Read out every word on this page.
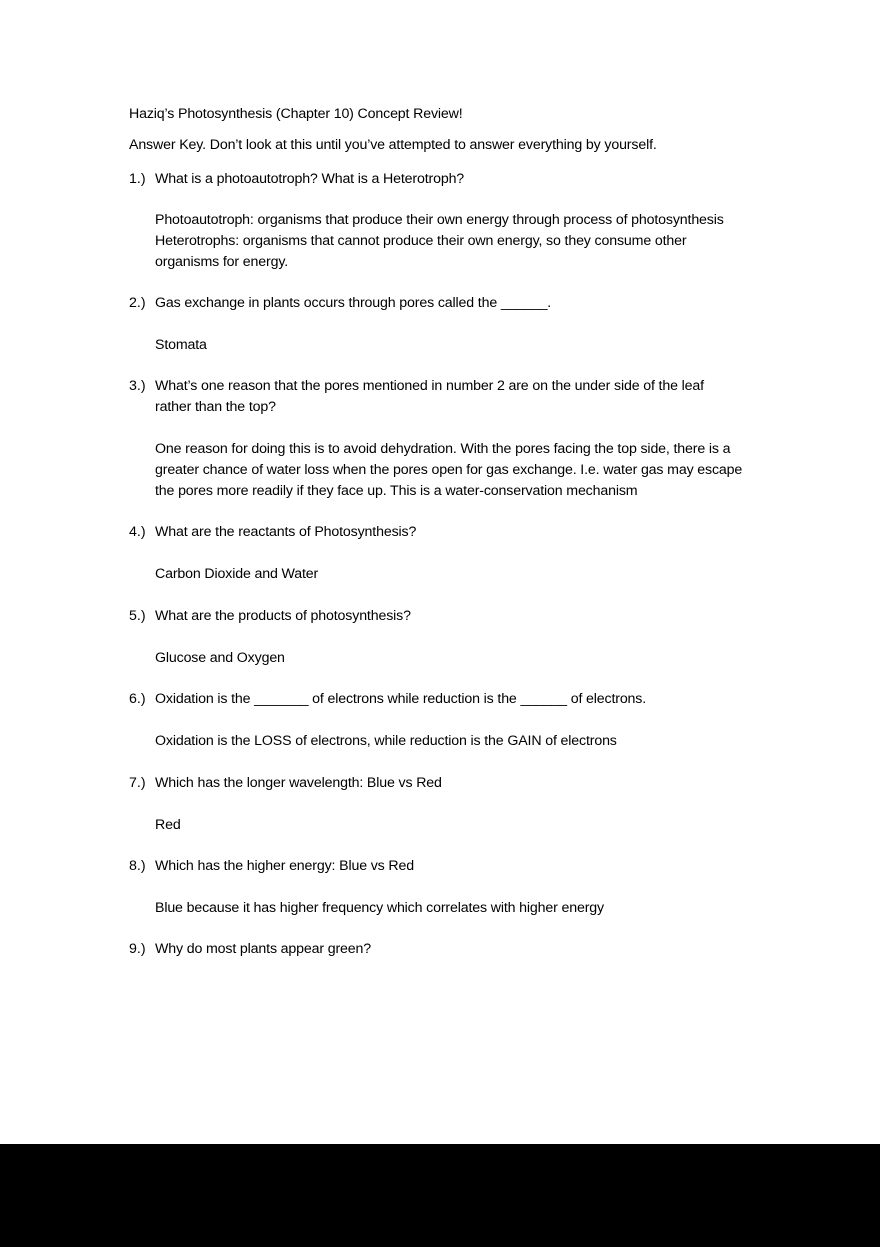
Haziq’s Photosynthesis (Chapter 10) Concept Review!
Answer Key. Don’t look at this until you’ve attempted to answer everything by yourself.
1.) What is a photoautotroph? What is a Heterotroph?
Photoautotroph: organisms that produce their own energy through process of photosynthesis
Heterotrophs: organisms that cannot produce their own energy, so they consume other
organisms for energy.
2.) Gas exchange in plants occurs through pores called the ______.
Stomata
3.) What’s one reason that the pores mentioned in number 2 are on the under side of the leaf
rather than the top?
One reason for doing this is to avoid dehydration. With the pores facing the top side, there is a
greater chance of water loss when the pores open for gas exchange. I.e. water gas may escape
the pores more readily if they face up. This is a water-conservation mechanism
4.) What are the reactants of Photosynthesis?
Carbon Dioxide and Water
5.) What are the products of photosynthesis?
Glucose and Oxygen
6.) Oxidation is the _______ of electrons while reduction is the ______ of electrons.
Oxidation is the LOSS of electrons, while reduction is the GAIN of electrons
7.) Which has the longer wavelength: Blue vs Red
Red
8.) Which has the higher energy: Blue vs Red
Blue because it has higher frequency which correlates with higher energy
9.) Why do most plants appear green?
